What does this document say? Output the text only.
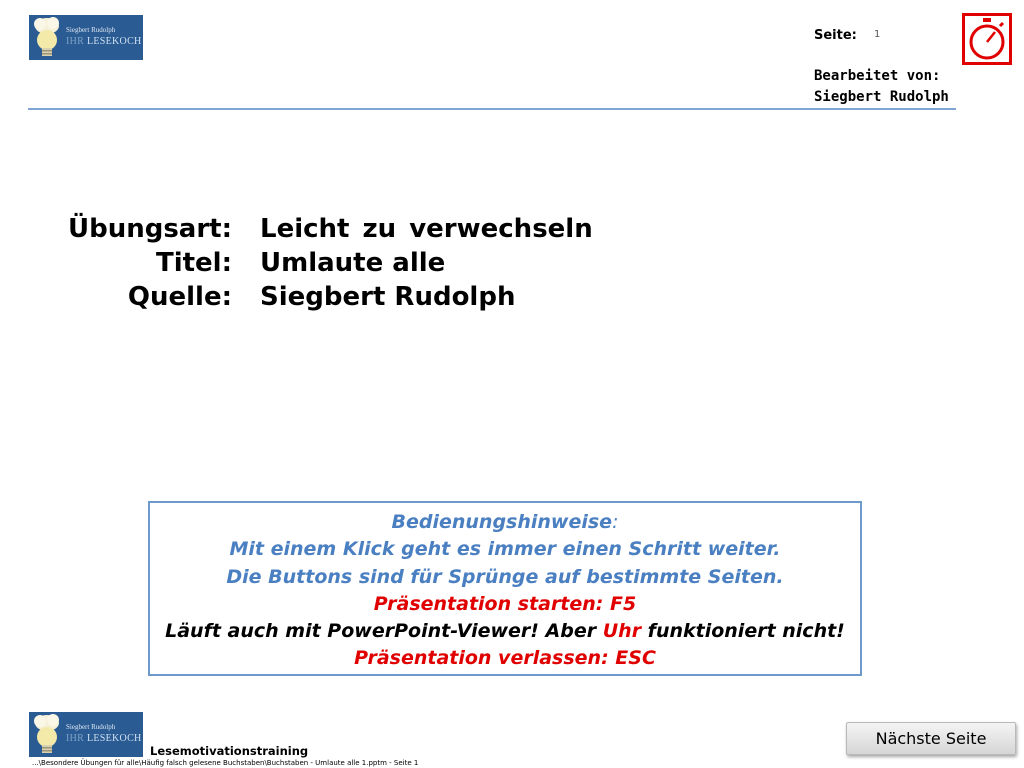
Siegbert Rudolph
IHR LESEKOCH	Seite: 1
Bearbeitet von:
Siegbert Rudolph
Übungsart:
Titel:
Quelle:
Leicht zu verwechseln
Umlaute alle
Siegbert Rudolph
Bedienungshinweise:
Mit einem Klick geht es immer einen Schritt weiter.
Die Buttons sind für Sprünge auf bestimmte Seiten.
Präsentation starten: F5
Läuft auch mit PowerPoint-Viewer! Aber Uhr funktioniert nicht!
Präsentation verlassen: ESC
Siegbert Rudolph
IHR LESEKOCH
Lesemotivationstraining
...\Besondere Übungen für alle\Häufig falsch gelesene Buchstaben\Buchstaben - Umlaute alle 1.pptm - Seite 1
Nächste Seite
